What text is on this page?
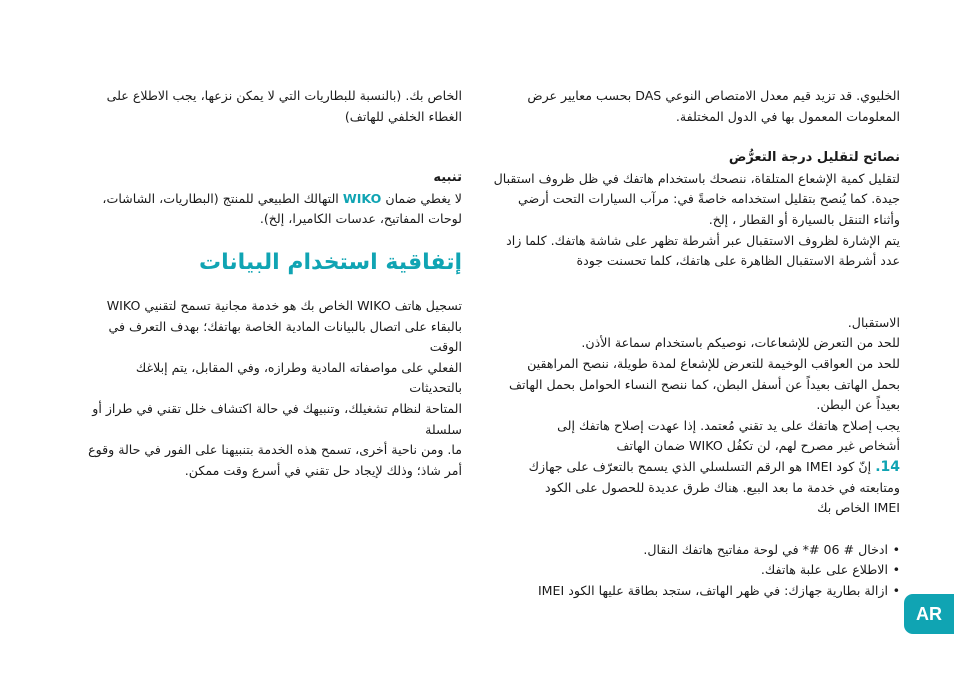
الخليوي. قد تزيد قيم معدل الامتصاص النوعي DAS بحسب معايير عرض

المعلومات المعمول بها في الدول المختلفة.

نصائح لتقليل درجة التعرُّض

لتقليل كمية الإشعاع المتلقاة، ننصحك باستخدام هاتفك في ظل ظروف استقبال

جيدة. كما يُنصح بتقليل استخدامه خاصةً في: مرآب السيارات التحت أرضي

وأثناء التنقل بالسيارة أو القطار ، إلخ.

يتم الإشارة لظروف الاستقبال عبر أشرطة تظهر على شاشة هاتفك. كلما زاد

عدد أشرطة الاستقبال الظاهرة على هاتفك، كلما تحسنت جودة

الاستقبال.

للحد من التعرض للإشعاعات، نوصيكم باستخدام سماعة الأذن.

للحد من العواقب الوخيمة للتعرض للإشعاع لمدة طويلة، ننصح المراهقين

بحمل الهاتف بعيداً عن أسفل البطن، كما ننصح النساء الحوامل بحمل الهاتف

بعيداً عن البطن.

يجب إصلاح هاتفك على يد تقني مُعتمد. إذا عهدت إصلاح هاتفك إلى

أشخاص غير مصرح لهم، لن تكفُل WIKO ضمان الهاتف

14. إنّ كود IMEI هو الرقم التسلسلي الذي يسمح بالتعرّف على جهازك

ومتابعته في خدمة ما بعد البيع. هناك طرق عديدة للحصول على الكود

IMEI الخاص بك

• ادخال # 06 #* في لوحة مفاتيح هاتفك النقال.
• الاطلاع على علبة هاتفك.
• ازالة بطارية جهازك: في ظهر الهاتف، ستجد بطاقة عليها الكود IMEI

الخاص بك. (بالنسبة للبطاريات التي لا يمكن نزعها، يجب الاطلاع على

الغطاء الخلفي للهاتف)

تنبيه

لا يغطي ضمان WIKO التهالك الطبيعي للمنتج (البطاريات، الشاشات،

لوحات المفاتيح، عدسات الكاميرا، إلخ).

إتفاقية استخدام البيانات

تسجيل هاتف WIKO الخاص بك هو خدمة مجانية تسمح لتقنيي WIKO

بالبقاء على اتصال بالبيانات المادية الخاصة بهاتفك؛ بهدف التعرف في الوقت

الفعلي على مواصفاته المادية وطرازه، وفي المقابل، يتم إبلاغك بالتحديثات

المتاحة لنظام تشغيلك، وتنبيهك في حالة اكتشاف خلل تقني في طراز أو سلسلة

ما. ومن ناحية أخرى، تسمح هذه الخدمة بتنبيهنا على الفور في حالة وقوع

أمر شاذ؛ وذلك لإيجاد حل تقني في أسرع وقت ممكن.

AR
